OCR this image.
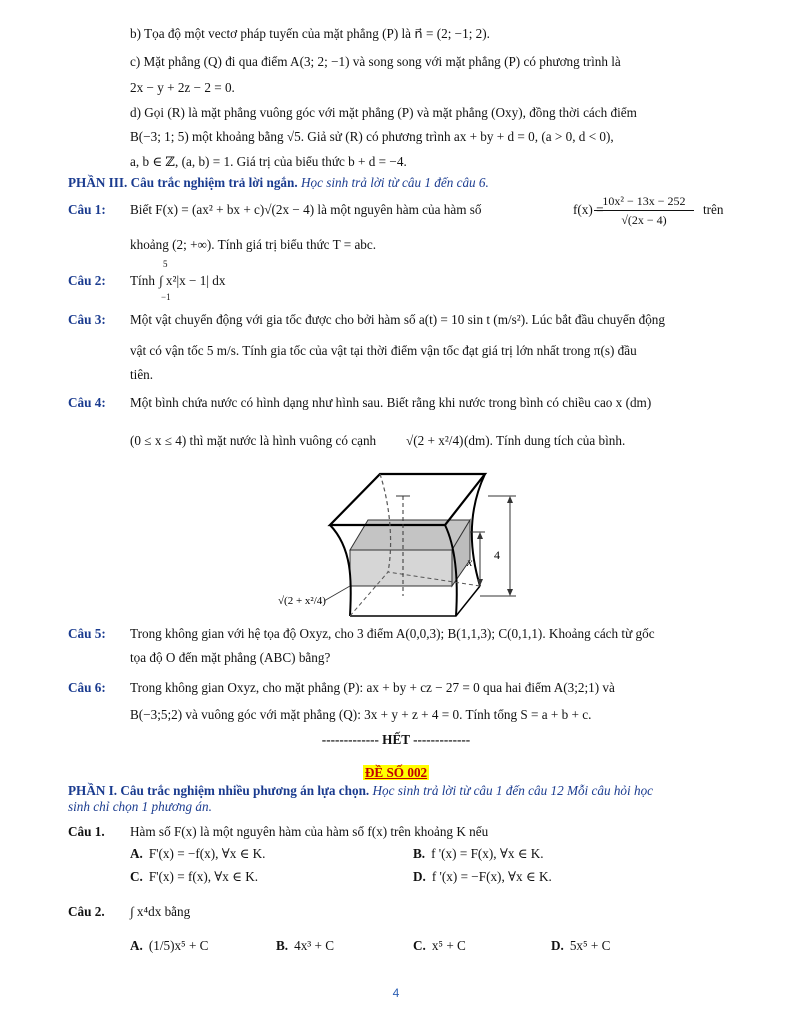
b) Tọa độ một vectơ pháp tuyến của mặt phẳng (P) là n⃗ = (2; −1; 2).
c) Mặt phẳng (Q) đi qua điểm A(3; 2; −1) và song song với mặt phẳng (P) có phương trình là
2x − y + 2z − 2 = 0.
d) Gọi (R) là mặt phẳng vuông góc với mặt phẳng (P) và mặt phẳng (Oxy), đồng thời cách điểm
B(−3; 1; 5) một khoảng bằng √5. Giả sử (R) có phương trình ax + by + d = 0, (a > 0, d < 0),
a, b ∈ ℤ, (a, b) = 1. Giá trị của biểu thức b + d = −4.
PHẦN III. Câu trắc nghiệm trả lời ngắn. Học sinh trả lời từ câu 1 đến câu 6.
Câu 1: Biết F(x) = (ax² + bx + c)√(2x − 4) là một nguyên hàm của hàm số	f(x) =
10x² − 13x − 252
√(2x − 4)
trên
khoảng (2; +∞). Tính giá trị biểu thức T = abc.
Câu 2: Tính
5
−1
∫ x²|x − 1| dx
Câu 3: Một vật chuyển động với gia tốc được cho bởi hàm số a(t) = 10 sin t (m/s²). Lúc bắt đầu chuyển động
vật có vận tốc 5 m/s. Tính gia tốc của vật tại thời điểm vận tốc đạt giá trị lớn nhất trong π(s) đầu
tiên.
Câu 4: Một bình chứa nước có hình dạng như hình sau. Biết rằng khi nước trong bình có chiều cao x (dm)
(0 ≤ x ≤ 4) thì mặt nước là hình vuông có cạnh √(2 + x²/4) (dm). Tính dung tích của bình.
4
x
√(2 + x²/4)
Câu 5: Trong không gian với hệ tọa độ Oxyz, cho 3 điểm A(0,0,3); B(1,1,3); C(0,1,1). Khoảng cách từ gốc
tọa độ O đến mặt phẳng (ABC) bằng?
Câu 6: Trong không gian Oxyz, cho mặt phẳng (P): ax + by + cz − 27 = 0 qua hai điểm A(3;2;1) và
B(−3;5;2) và vuông góc với mặt phẳng (Q): 3x + y + z + 4 = 0. Tính tổng S = a + b + c.
------------- HẾT -------------
ĐỀ SỐ 002
PHẦN I. Câu trắc nghiệm nhiều phương án lựa chọn. Học sinh trả lời từ câu 1 đến câu 12 Mỗi câu hỏi học
sinh chỉ chọn 1 phương án.
Câu 1. Hàm số F(x) là một nguyên hàm của hàm số f(x) trên khoảng K nếu
A. F'(x) = −f(x), ∀x ∈ K.	B. f '(x) = F(x), ∀x ∈ K.
C. F'(x) = f(x), ∀x ∈ K.	D. f '(x) = −F(x), ∀x ∈ K.
Câu 2. ∫ x⁴dx bằng
A. (1/5)x⁵ + C	B. 4x³ + C	C. x⁵ + C	D. 5x⁵ + C
4
